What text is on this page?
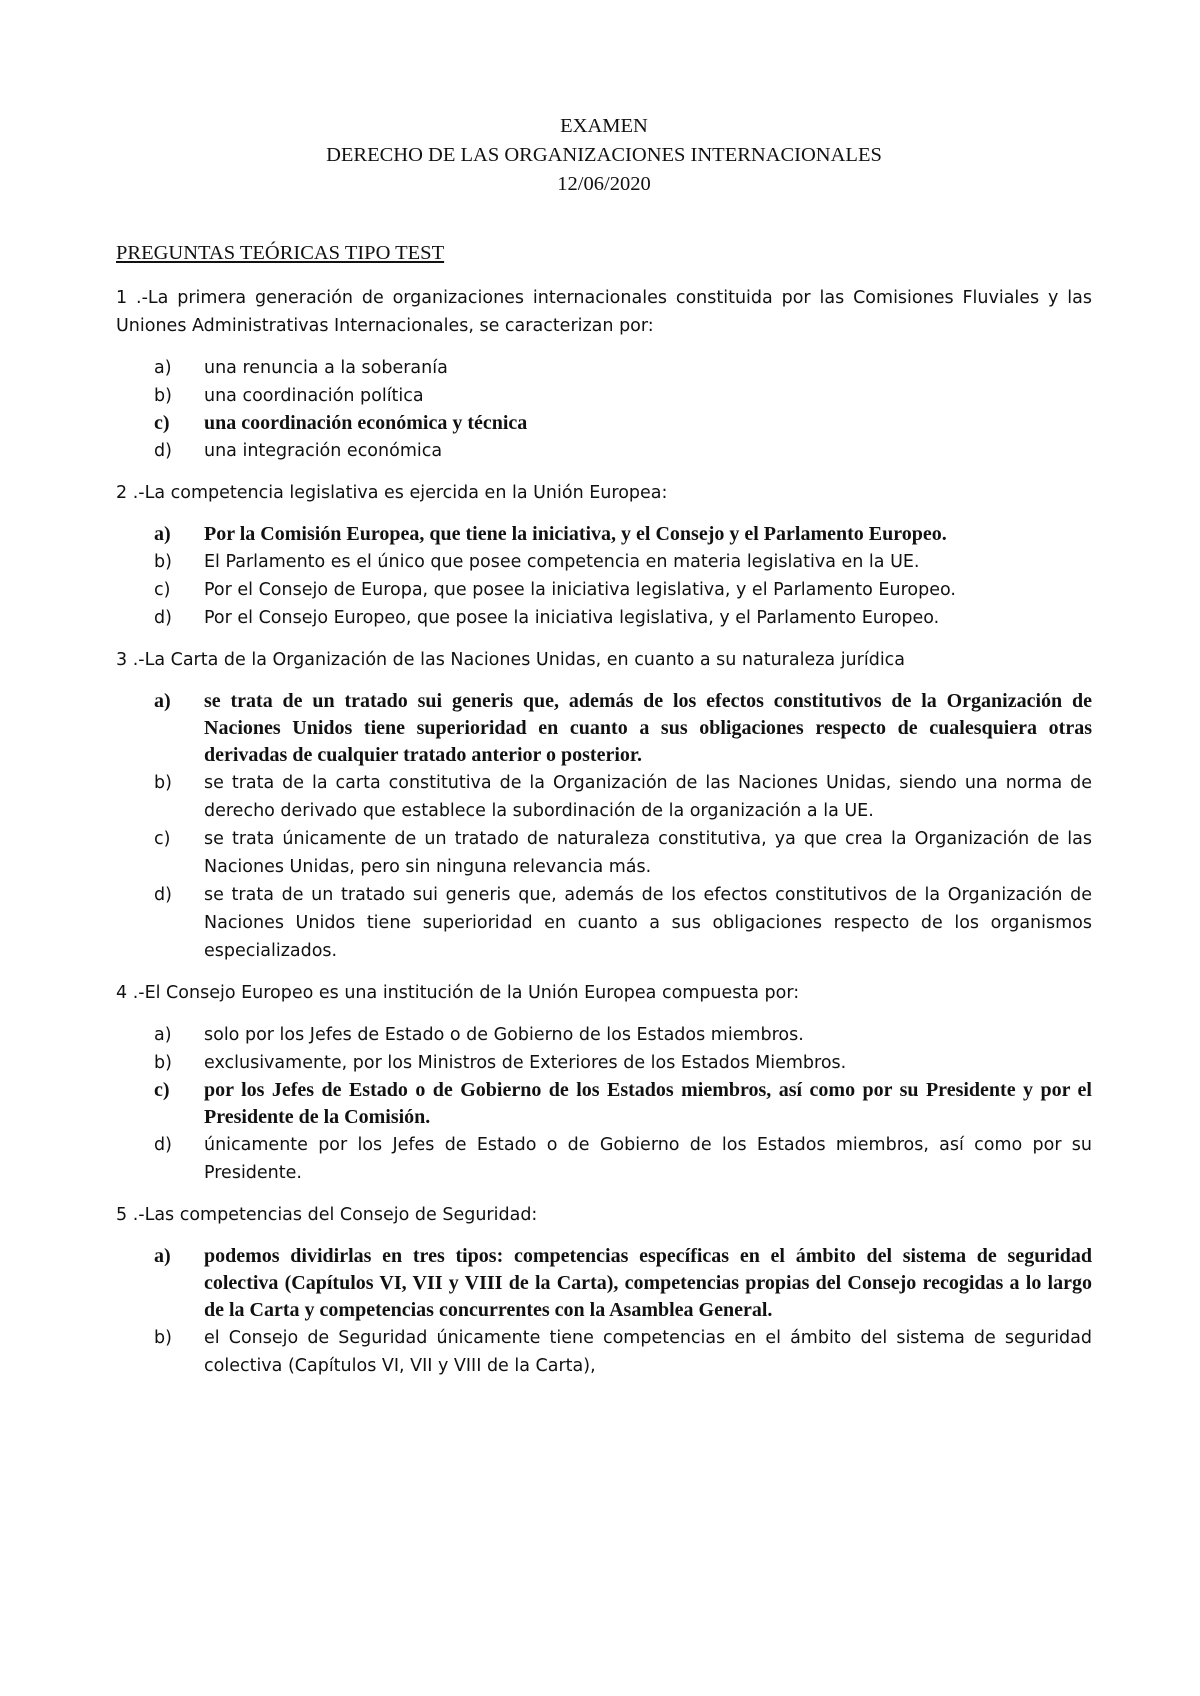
EXAMEN
DERECHO DE LAS ORGANIZACIONES INTERNACIONALES
12/06/2020
PREGUNTAS TEÓRICAS TIPO TEST
1 .-La primera generación de organizaciones internacionales constituida por las Comisiones Fluviales y las Uniones Administrativas Internacionales, se caracterizan por:
a)	una renuncia a la soberanía
b)	una coordinación política
c)	una coordinación económica y técnica
d)	una integración económica
2 .-La competencia legislativa es ejercida en la Unión Europea:
a)	Por la Comisión Europea, que tiene la iniciativa, y el Consejo y el Parlamento Europeo.
b)	El Parlamento es el único que posee competencia en materia legislativa en la UE.
c)	Por el Consejo de Europa, que posee la iniciativa legislativa, y el Parlamento Europeo.
d)	Por el Consejo Europeo, que posee la iniciativa legislativa, y el Parlamento Europeo.
3 .-La Carta de la Organización de las Naciones Unidas, en cuanto a su naturaleza jurídica
a)	se trata de un tratado sui generis que, además de los efectos constitutivos de la Organización de Naciones Unidos tiene superioridad en cuanto a sus obligaciones respecto de cualesquiera otras derivadas de cualquier tratado anterior o posterior.
b)	se trata de la carta constitutiva de la Organización de las Naciones Unidas, siendo una norma de derecho derivado que establece la subordinación de la organización a la UE.
c)	se trata únicamente de un tratado de naturaleza constitutiva, ya que crea la Organización de las Naciones Unidas, pero sin ninguna relevancia más.
d)	se trata de un tratado sui generis que, además de los efectos constitutivos de la Organización de Naciones Unidos tiene superioridad en cuanto a sus obligaciones respecto de los organismos especializados.
4 .-El Consejo Europeo es una institución de la Unión Europea compuesta por:
a)	solo por los Jefes de Estado o de Gobierno de los Estados miembros.
b)	exclusivamente, por los Ministros de Exteriores de los Estados Miembros.
c)	por los Jefes de Estado o de Gobierno de los Estados miembros, así como por su Presidente y por el Presidente de la Comisión.
d)	únicamente por los Jefes de Estado o de Gobierno de los Estados miembros, así como por su Presidente.
5 .-Las competencias del Consejo de Seguridad:
a)	podemos dividirlas en tres tipos: competencias específicas en el ámbito del sistema de seguridad colectiva (Capítulos VI, VII y VIII de la Carta), competencias propias del Consejo recogidas a lo largo de la Carta y competencias concurrentes con la Asamblea General.
b)	el Consejo de Seguridad únicamente tiene competencias en el ámbito del sistema de seguridad colectiva (Capítulos VI, VII y VIII de la Carta),
